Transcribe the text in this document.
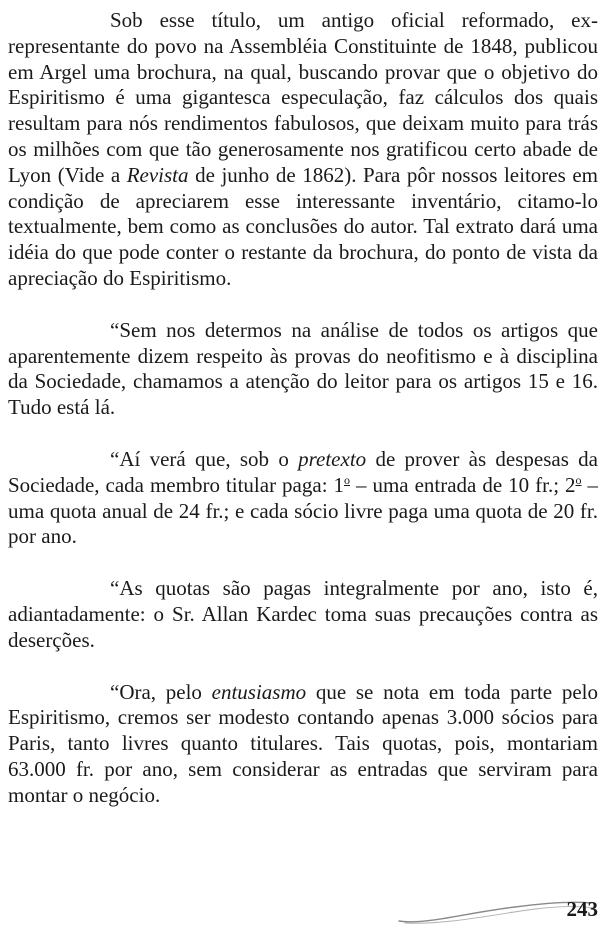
Sob esse título, um antigo oficial reformado, ex-representante do povo na Assembléia Constituinte de 1848, publicou em Argel uma brochura, na qual, buscando provar que o objetivo do Espiritismo é uma gigantesca especulação, faz cálculos dos quais resultam para nós rendimentos fabulosos, que deixam muito para trás os milhões com que tão generosamente nos gratificou certo abade de Lyon (Vide a Revista de junho de 1862). Para pôr nossos leitores em condição de apreciarem esse interessante inventário, citamo-lo textualmente, bem como as conclusões do autor. Tal extrato dará uma idéia do que pode conter o restante da brochura, do ponto de vista da apreciação do Espiritismo.

“Sem nos determos na análise de todos os artigos que aparentemente dizem respeito às provas do neofitismo e à disciplina da Sociedade, chamamos a atenção do leitor para os artigos 15 e 16. Tudo está lá.

“Aí verá que, sob o pretexto de prover às despesas da Sociedade, cada membro titular paga: 1$^o$ – uma entrada de 10 fr.; 2$^o$ – uma quota anual de 24 fr.; e cada sócio livre paga uma quota de 20 fr. por ano.

“As quotas são pagas integralmente por ano, isto é, adiantadamente: o Sr. Allan Kardec toma suas precauções contra as deserções.

“Ora, pelo entusiasmo que se nota em toda parte pelo Espiritismo, cremos ser modesto contando apenas 3.000 sócios para Paris, tanto livres quanto titulares. Tais quotas, pois, montariam 63.000 fr. por ano, sem considerar as entradas que serviram para montar o negócio.

243
